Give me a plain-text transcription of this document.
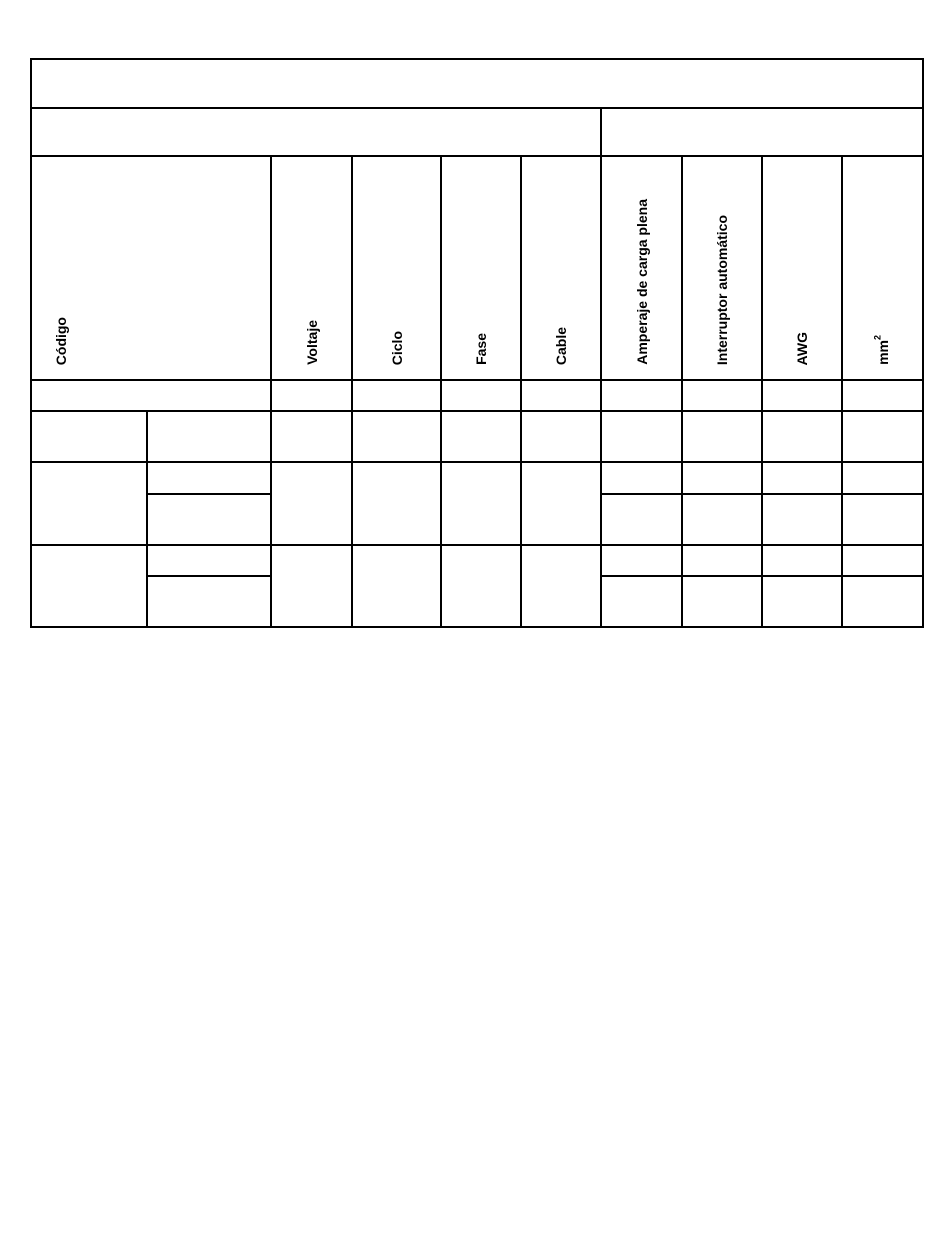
Código		Voltaje	Ciclo	Fase	Cable	Amperaje de carga plena	Interruptor automático	AWG	$mm^2$
